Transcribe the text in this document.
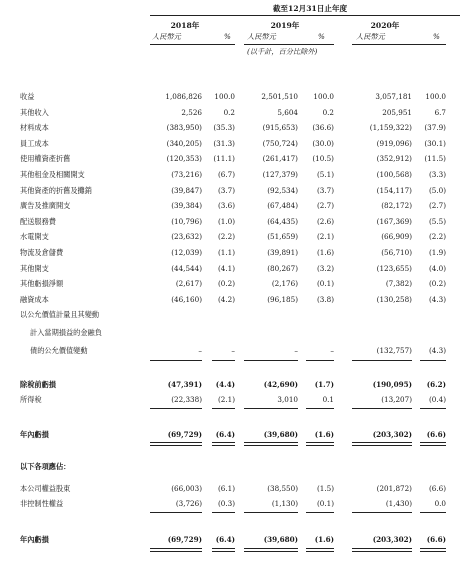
截至12月31日止年度
2018年	2019年	2020年
人民幣元	% 人民幣元	%	人民幣元	%
(以千計，百分比除外)
收益	1,086,826 100.0	2,501,510 100.0	3,057,181 100.0
其他收入	2,526	0.2	5,604	0.2	205,951	6.7
材料成本	(383,950) (35.3)	(915,653) (36.6)	(1,159,322) (37.9)
員工成本	(340,205) (31.3)	(750,724) (30.0)	(919,096) (30.1)
使用權資產折舊	(120,353) (11.1)	(261,417) (10.5)	(352,912) (11.5)
其他租金及相關開支	(73,216) (6.7)	(127,379)	(5.1)	(100,568) (3.3)
其他資產的折舊及攤銷	(39,847) (3.7)	(92,534)	(3.7)	(154,117) (5.0)
廣告及推廣開支	(39,384) (3.6)	(67,484)	(2.7)	(82,172) (2.7)
配送服務費	(10,796) (1.0)	(64,435)	(2.6)	(167,369) (5.5)
水電開支	(23,632) (2.2)	(51,659)	(2.1)	(66,909) (2.2)
物流及倉儲費	(12,039) (1.1)	(39,891)	(1.6)	(56,710) (1.9)
其他開支	(44,544) (4.1)	(80,267)	(3.2)	(123,655) (4.0)
其他虧損淨額	(2,617) (0.2)	(2,176)	(0.1)	(7,382) (0.2)
融資成本	(46,160) (4.2)	(96,185)	(3.8)	(130,258) (4.3)
以公允價值計量且其變動
計入當期損益的金融負
債的公允價值變動	–	–	–	–	(132,757) (4.3)
除稅前虧損	(47,391) (4.4)	(42,690) (1.7)	(190,095) (6.2)
所得稅	(22,338) (2.1)	3,010	0.1	(13,207) (0.4)
年內虧損	(69,729) (6.4)	(39,680) (1.6)	(203,302) (6.6)
以下各項應佔：
本公司權益股東	(66,003) (6.1)	(38,550)	(1.5)	(201,872) (6.6)
非控制性權益	(3,726) (0.3)	(1,130)	(0.1)	(1,430)	0.0
年內虧損	(69,729) (6.4)	(39,680) (1.6)	(203,302) (6.6)
